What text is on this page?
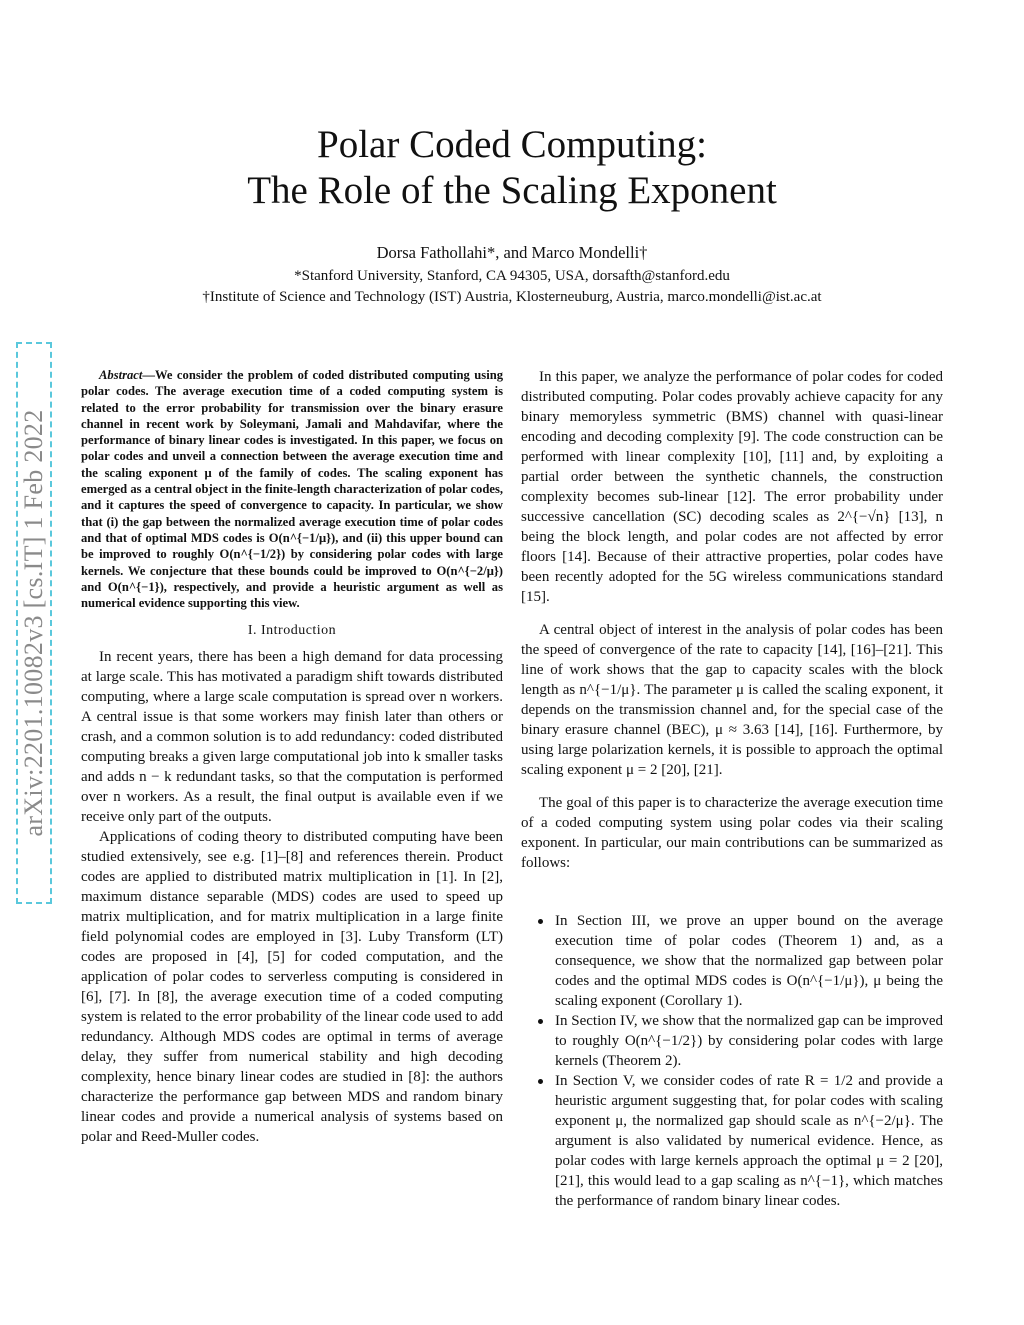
Polar Coded Computing:
The Role of the Scaling Exponent
Dorsa Fathollahi*, and Marco Mondelli†
*Stanford University, Stanford, CA 94305, USA, dorsafth@stanford.edu
†Institute of Science and Technology (IST) Austria, Klosterneuburg, Austria, marco.mondelli@ist.ac.at
arXiv:2201.10082v3 [cs.IT] 1 Feb 2022

Abstract—We consider the problem of coded distributed computing using polar codes. The average execution time of a coded computing system is related to the error probability for transmission over the binary erasure channel in recent work by Soleymani, Jamali and Mahdavifar, where the performance of binary linear codes is investigated. In this paper, we focus on polar codes and unveil a connection between the average execution time and the scaling exponent μ of the family of codes. The scaling exponent has emerged as a central object in the finite-length characterization of polar codes, and it captures the speed of convergence to capacity. In particular, we show that (i) the gap between the normalized average execution time of polar codes and that of optimal MDS codes is O(n^{−1/μ}), and (ii) this upper bound can be improved to roughly O(n^{−1/2}) by considering polar codes with large kernels. We conjecture that these bounds could be improved to O(n^{−2/μ}) and O(n^{−1}), respectively, and provide a heuristic argument as well as numerical evidence supporting this view.

I. Introduction

In recent years, there has been a high demand for data processing at large scale. This has motivated a paradigm shift towards distributed computing, where a large scale computation is spread over n workers. A central issue is that some workers may finish later than others or crash, and a common solution is to add redundancy: coded distributed computing breaks a given large computational job into k smaller tasks and adds n − k redundant tasks, so that the computation is performed over n workers. As a result, the final output is available even if we receive only part of the outputs.

Applications of coding theory to distributed computing have been studied extensively, see e.g. [1]–[8] and references therein. Product codes are applied to distributed matrix multiplication in [1]. In [2], maximum distance separable (MDS) codes are used to speed up matrix multiplication, and for matrix multiplication in a large finite field polynomial codes are employed in [3]. Luby Transform (LT) codes are proposed in [4], [5] for coded computation, and the application of polar codes to serverless computing is considered in [6], [7]. In [8], the average execution time of a coded computing system is related to the error probability of the linear code used to add redundancy. Although MDS codes are optimal in terms of average delay, they suffer from numerical stability and high decoding complexity, hence binary linear codes are studied in [8]: the authors characterize the performance gap between MDS and random binary linear codes and provide a numerical analysis of systems based on polar and Reed-Muller codes.

In this paper, we analyze the performance of polar codes for coded distributed computing. Polar codes provably achieve capacity for any binary memoryless symmetric (BMS) channel with quasi-linear encoding and decoding complexity [9]. The code construction can be performed with linear complexity [10], [11] and, by exploiting a partial order between the synthetic channels, the construction complexity becomes sub-linear [12]. The error probability under successive cancellation (SC) decoding scales as 2^{−√n} [13], n being the block length, and polar codes are not affected by error floors [14]. Because of their attractive properties, polar codes have been recently adopted for the 5G wireless communications standard [15].

A central object of interest in the analysis of polar codes has been the speed of convergence of the rate to capacity [14], [16]–[21]. This line of work shows that the gap to capacity scales with the block length as n^{−1/μ}. The parameter μ is called the scaling exponent, it depends on the transmission channel and, for the special case of the binary erasure channel (BEC), μ ≈ 3.63 [14], [16]. Furthermore, by using large polarization kernels, it is possible to approach the optimal scaling exponent μ = 2 [20], [21].

The goal of this paper is to characterize the average execution time of a coded computing system using polar codes via their scaling exponent. In particular, our main contributions can be summarized as follows:

In Section III, we prove an upper bound on the average execution time of polar codes (Theorem 1) and, as a consequence, we show that the normalized gap between polar codes and the optimal MDS codes is O(n^{−1/μ}), μ being the scaling exponent (Corollary 1).
In Section IV, we show that the normalized gap can be improved to roughly O(n^{−1/2}) by considering polar codes with large kernels (Theorem 2).
In Section V, we consider codes of rate R = 1/2 and provide a heuristic argument suggesting that, for polar codes with scaling exponent μ, the normalized gap should scale as n^{−2/μ}. The argument is also validated by numerical evidence. Hence, as polar codes with large kernels approach the optimal μ = 2 [20], [21], this would lead to a gap scaling as n^{−1}, which matches the performance of random binary linear codes.
